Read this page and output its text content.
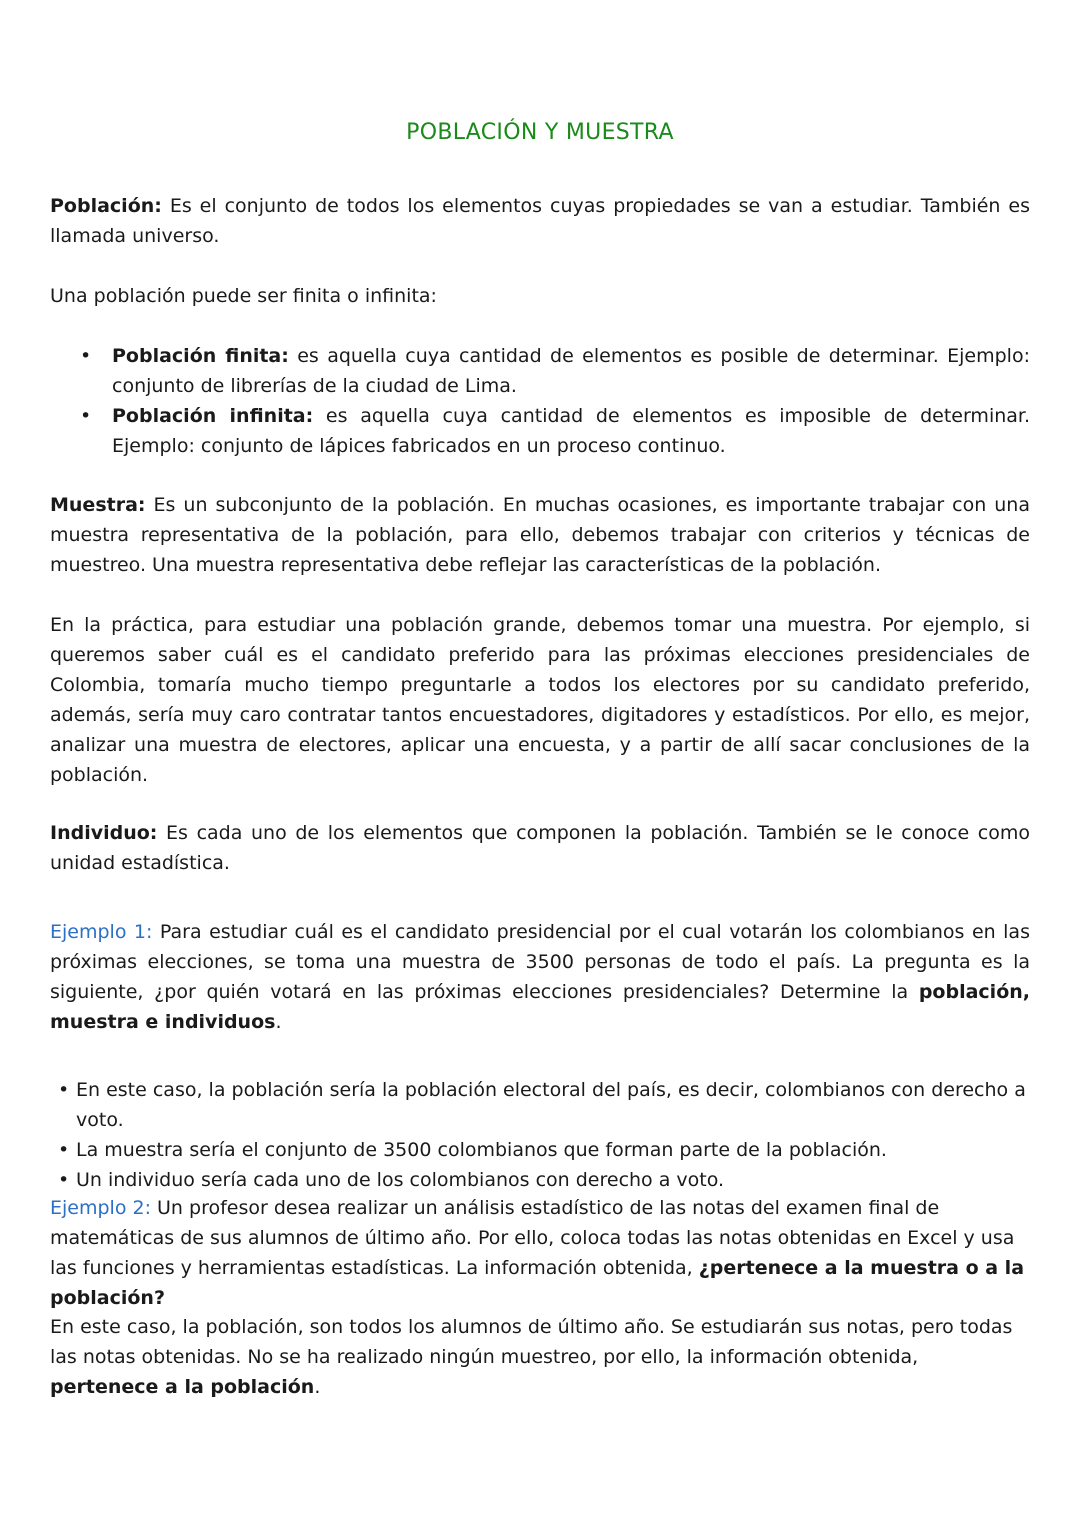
POBLACIÓN Y MUESTRA

Población: Es el conjunto de todos los elementos cuyas propiedades se van a estudiar. También es llamada universo.

Una población puede ser finita o infinita:

• Población finita: es aquella cuya cantidad de elementos es posible de determinar. Ejemplo: conjunto de librerías de la ciudad de Lima.
• Población infinita: es aquella cuya cantidad de elementos es imposible de determinar. Ejemplo: conjunto de lápices fabricados en un proceso continuo.

Muestra: Es un subconjunto de la población. En muchas ocasiones, es importante trabajar con una muestra representativa de la población, para ello, debemos trabajar con criterios y técnicas de muestreo. Una muestra representativa debe reflejar las características de la población.

En la práctica, para estudiar una población grande, debemos tomar una muestra. Por ejemplo, si queremos saber cuál es el candidato preferido para las próximas elecciones presidenciales de Colombia, tomaría mucho tiempo preguntarle a todos los electores por su candidato preferido, además, sería muy caro contratar tantos encuestadores, digitadores y estadísticos. Por ello, es mejor, analizar una muestra de electores, aplicar una encuesta, y a partir de allí sacar conclusiones de la población.

Individuo: Es cada uno de los elementos que componen la población. También se le conoce como unidad estadística.

Ejemplo 1: Para estudiar cuál es el candidato presidencial por el cual votarán los colombianos en las próximas elecciones, se toma una muestra de 3500 personas de todo el país. La pregunta es la siguiente, ¿por quién votará en las próximas elecciones presidenciales? Determine la población, muestra e individuos.

• En este caso, la población sería la población electoral del país, es decir, colombianos con derecho a voto.
• La muestra sería el conjunto de 3500 colombianos que forman parte de la población.
• Un individuo sería cada uno de los colombianos con derecho a voto.

Ejemplo 2: Un profesor desea realizar un análisis estadístico de las notas del examen final de matemáticas de sus alumnos de último año. Por ello, coloca todas las notas obtenidas en Excel y usa las funciones y herramientas estadísticas. La información obtenida, ¿pertenece a la muestra o a la población?

En este caso, la población, son todos los alumnos de último año. Se estudiarán sus notas, pero todas las notas obtenidas. No se ha realizado ningún muestreo, por ello, la información obtenida, pertenece a la población.
